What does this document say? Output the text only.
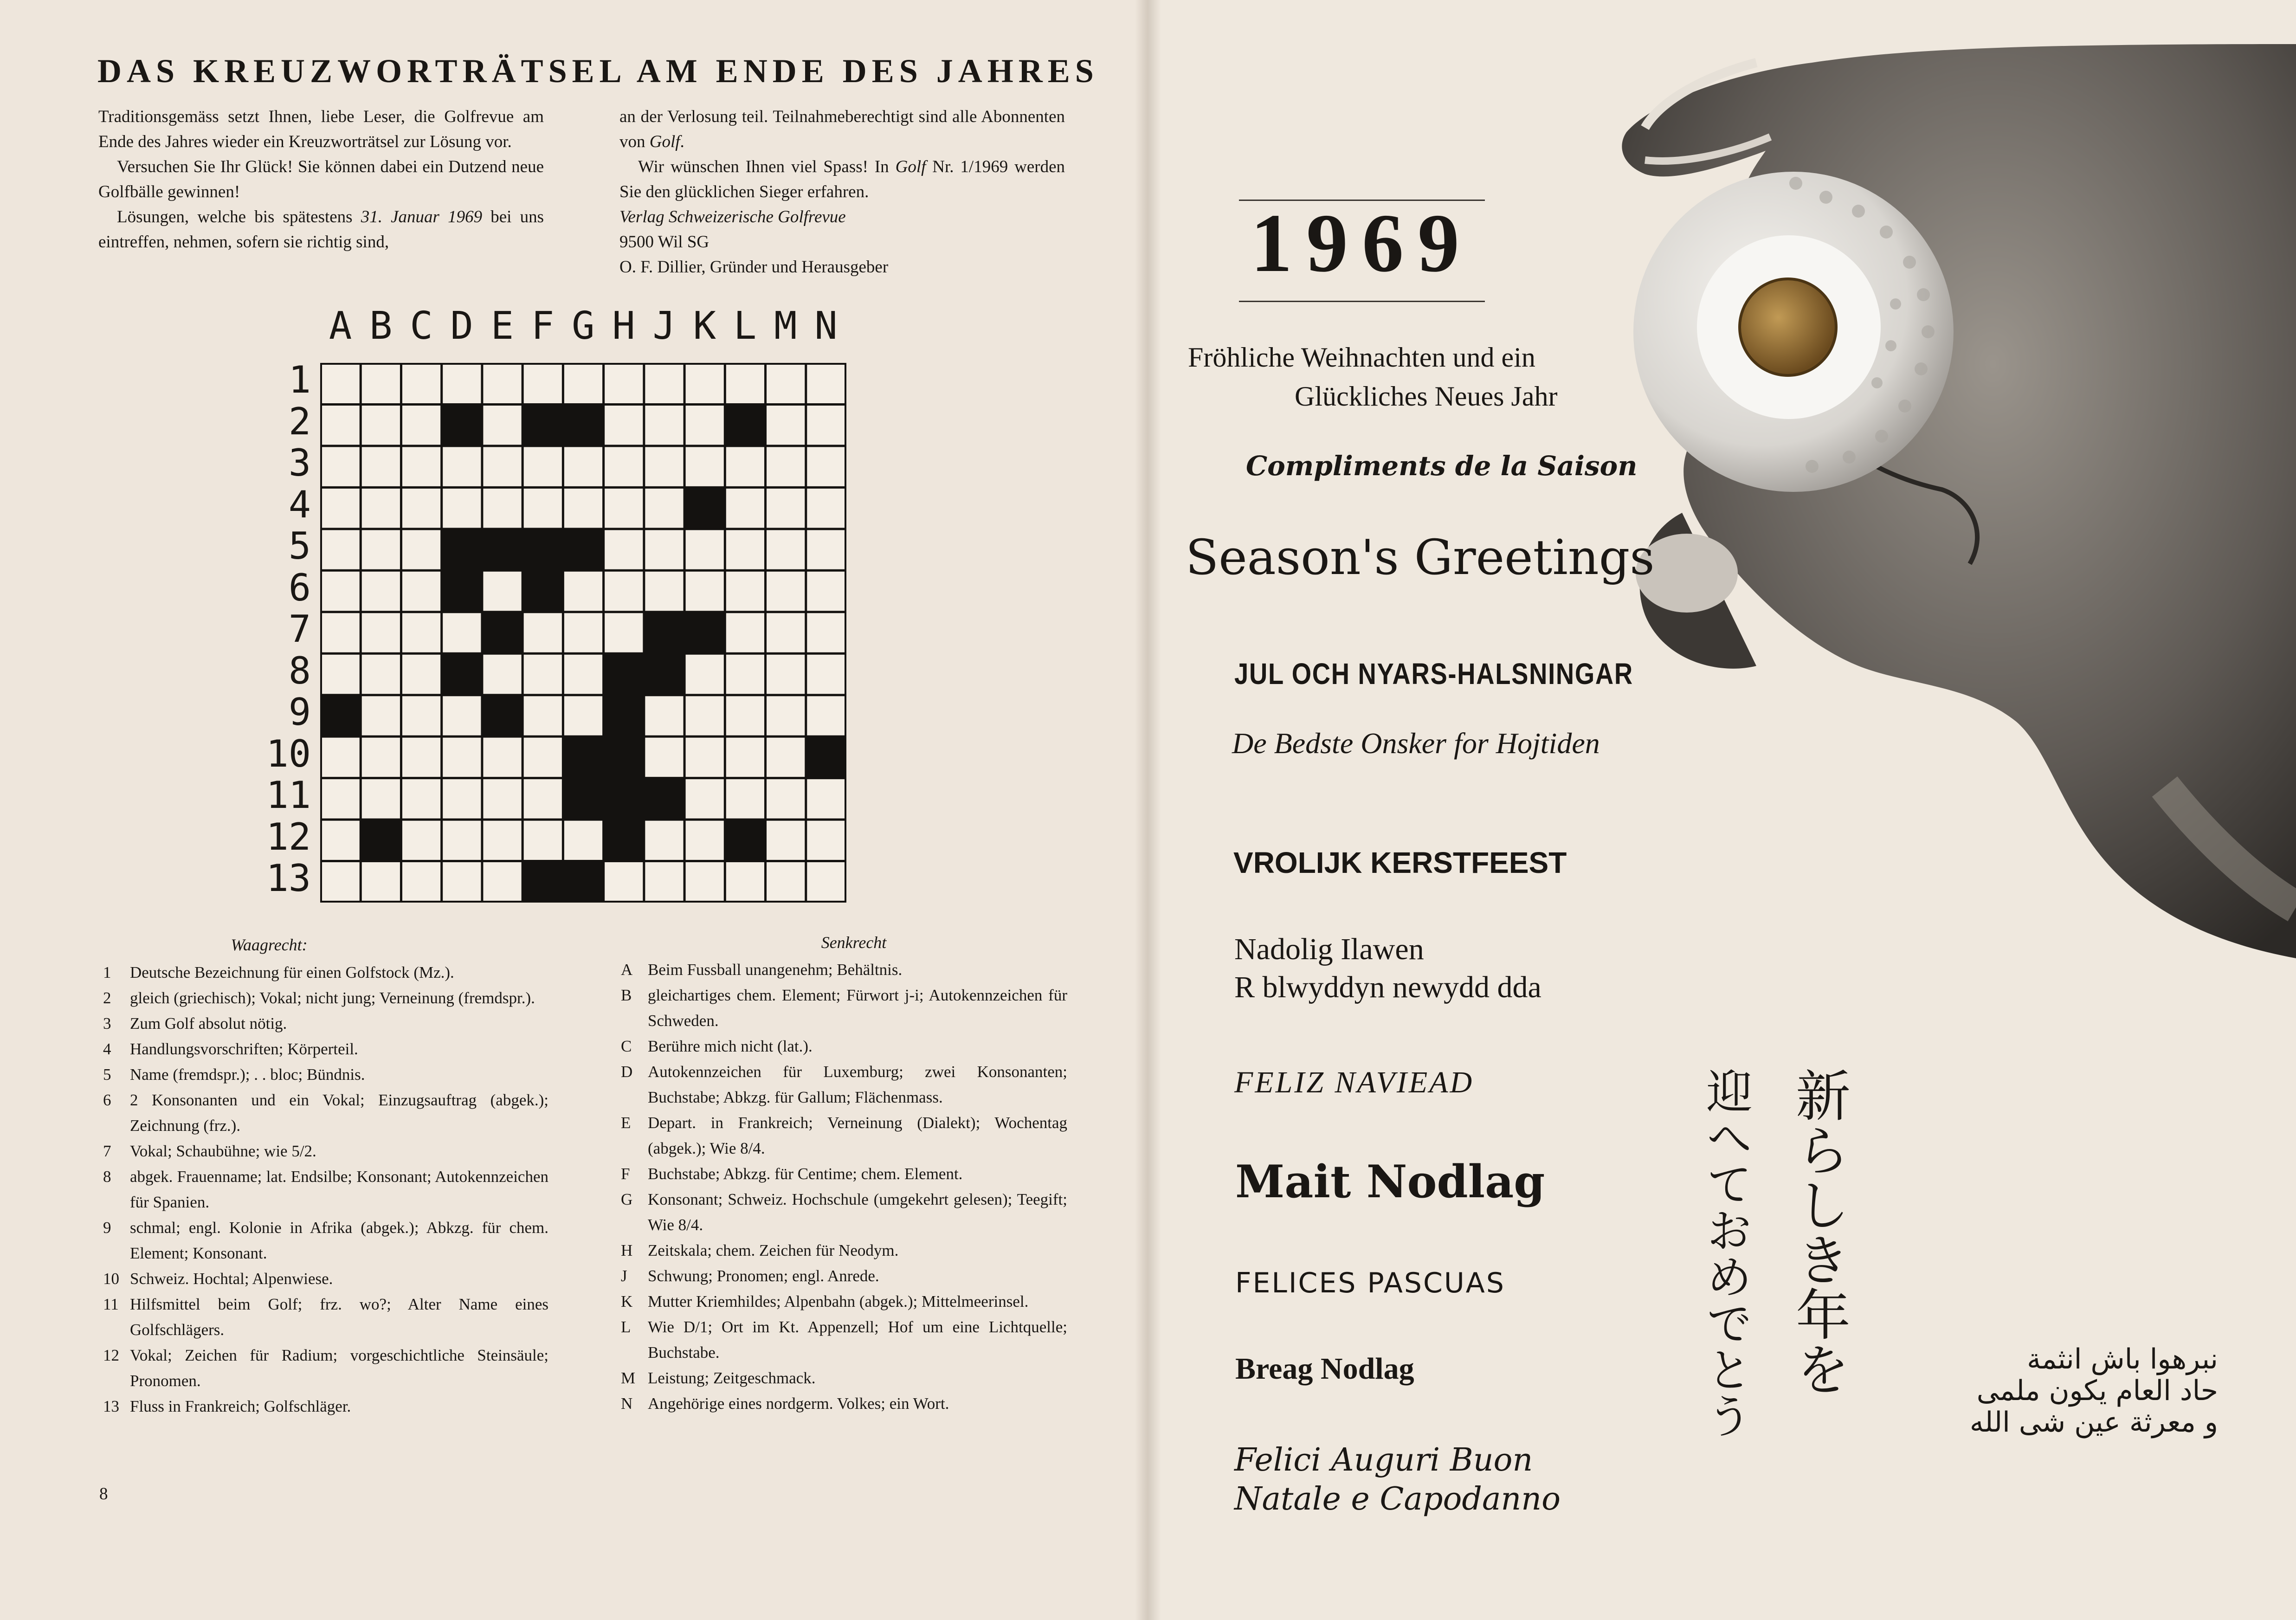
DAS KREUZWORTRÄTSEL AM ENDE DES JAHRES

Traditionsgemäss setzt Ihnen, liebe Leser, die Golfrevue am Ende des Jahres wieder ein Kreuzworträtsel zur Lösung vor.

Versuchen Sie Ihr Glück! Sie können dabei ein Dutzend neue Golfbälle gewinnen!

Lösungen, welche bis spätestens 31. Januar 1969 bei uns eintreffen, nehmen, sofern sie richtig sind,

an der Verlosung teil. Teilnahmeberechtigt sind alle Abonnenten von Golf.

Wir wünschen Ihnen viel Spass! In Golf Nr. 1/1969 werden Sie den glücklichen Sieger erfahren.

Verlag Schweizerische Golfrevue

9500 Wil SG

O. F. Dillier, Gründer und Herausgeber

A B C D E F G H J K L M N
1
2
3
4
5
6
7
8
9
10
11
12
13
Waagrecht:	Senkrecht
1	Deutsche Bezeichnung für einen Golfstock (Mz.).
2	gleich (griechisch); Vokal; nicht jung; Verneinung (fremdspr.).
3	Zum Golf absolut nötig.
4	Handlungsvorschriften; Körperteil.
5	Name (fremdspr.); . . bloc; Bündnis.
6	2 Konsonanten und ein Vokal; Einzugsauftrag (abgek.); Zeichnung (frz.).
7	Vokal; Schaubühne; wie 5/2.
8	abgek. Frauenname; lat. Endsilbe; Konsonant; Autokennzeichen für Spanien.
9	schmal; engl. Kolonie in Afrika (abgek.); Abkzg. für chem. Element; Konsonant.
10 Schweiz. Hochtal; Alpenwiese.
11 Hilfsmittel beim Golf; frz. wo?; Alter Name eines Golfschlägers.
12 Vokal; Zeichen für Radium; vorgeschichtliche Steinsäule; Pronomen.
13 Fluss in Frankreich; Golfschläger.
A Beim Fussball unangenehm; Behältnis.
B gleichartiges chem. Element; Fürwort j-i; Autokennzeichen für Schweden.
C Berühre mich nicht (lat.).
D Autokennzeichen für Luxemburg; zwei Konsonanten; Buchstabe; Abkzg. für Gallum; Flächenmass.
E	Depart. in Frankreich; Verneinung (Dialekt); Wochentag (abgek.); Wie 8/4.
F	Buchstabe; Abkzg. für Centime; chem. Element.
G Konsonant; Schweiz. Hochschule (umgekehrt gelesen); Teegift; Wie 8/4.
H Zeitskala; chem. Zeichen für Neodym.
J	Schwung; Pronomen; engl. Anrede.
K Mutter Kriemhildes; Alpenbahn (abgek.); Mittelmeerinsel.
L	Wie D/1; Ort im Kt. Appenzell; Hof um eine Lichtquelle; Buchstabe.
M Leistung; Zeitgeschmack.
N Angehörige eines nordgerm. Volkes; ein Wort.
8
1969
Fröhliche Weihnachten und ein
Glückliches Neues Jahr
Compliments de la Saison
Season's Greetings
JUL OCH NYARS-HALSNINGAR
De Bedste Onsker for Hojtiden
VROLIJK KERSTFEEST
Nadolig Ilawen
R blwyddyn newydd dda
FELIZ NAVIEAD
Mait Nodlag
FELICES PASCUAS
Breag Nodlag
Felici Auguri Buon
Natale e Capodanno
新らしき年を
迎へておめでとう	نبرهوا باش انثمة
حاد العام يكون ملمى
و معرثة عين شى الله
